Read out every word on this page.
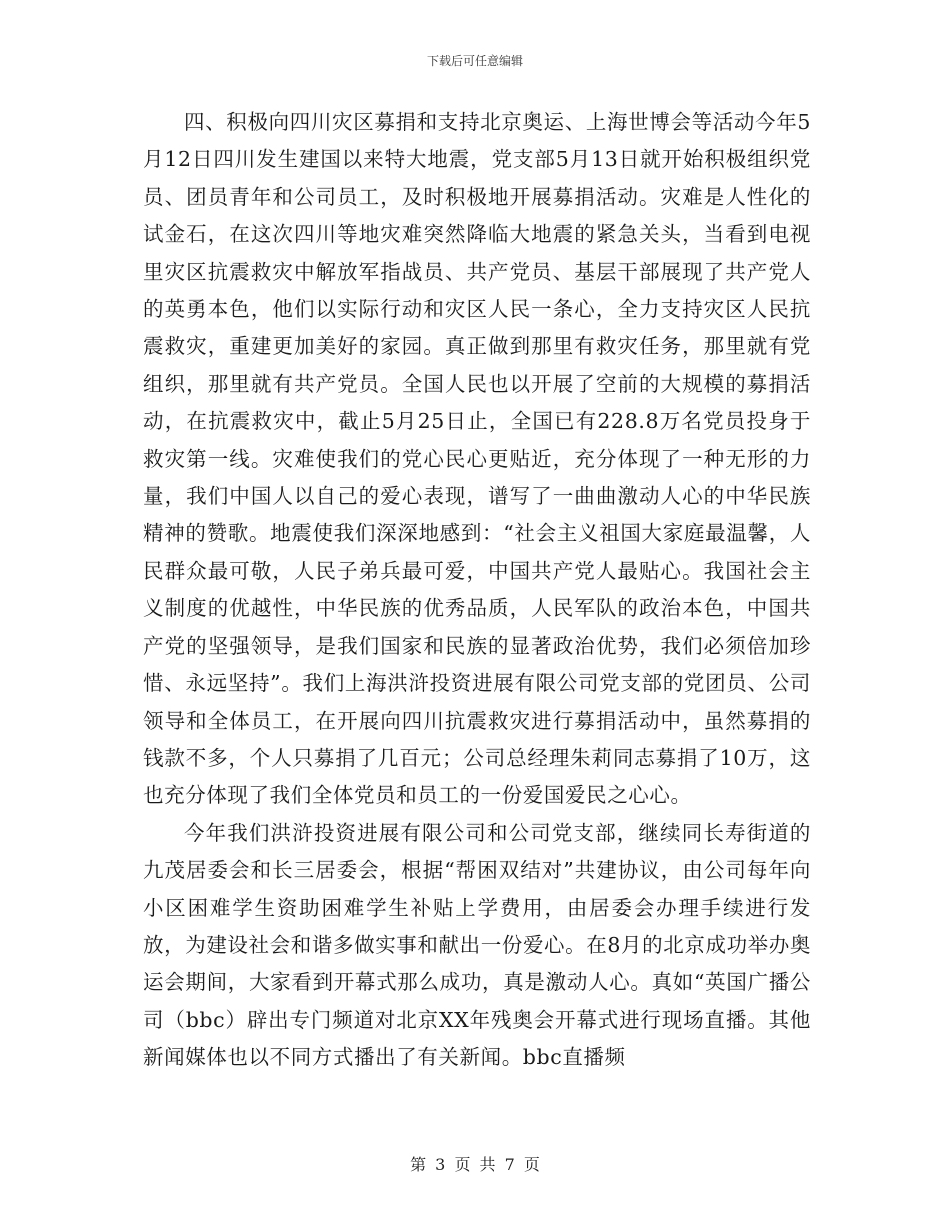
下载后可任意编辑

四、积极向四川灾区募捐和支持北京奥运、上海世博会等活动今年5月12日四川发生建国以来特大地震，党支部5月13日就开始积极组织党员、团员青年和公司员工，及时积极地开展募捐活动。灾难是人性化的试金石，在这次四川等地灾难突然降临大地震的紧急关头，当看到电视里灾区抗震救灾中解放军指战员、共产党员、基层干部展现了共产党人的英勇本色，他们以实际行动和灾区人民一条心，全力支持灾区人民抗震救灾，重建更加美好的家园。真正做到那里有救灾任务，那里就有党组织，那里就有共产党员。全国人民也以开展了空前的大规模的募捐活动，在抗震救灾中，截止5月25日止，全国已有228.8万名党员投身于救灾第一线。灾难使我们的党心民心更贴近，充分体现了一种无形的力量，我们中国人以自己的爱心表现，谱写了一曲曲激动人心的中华民族精神的赞歌。地震使我们深深地感到：“社会主义祖国大家庭最温馨，人民群众最可敬，人民子弟兵最可爱，中国共产党人最贴心。我国社会主义制度的优越性，中华民族的优秀品质，人民军队的政治本色，中国共产党的坚强领导，是我们国家和民族的显著政治优势，我们必须倍加珍惜、永远坚持”。我们上海洪浒投资进展有限公司党支部的党团员、公司领导和全体员工，在开展向四川抗震救灾进行募捐活动中，虽然募捐的钱款不多，个人只募捐了几百元；公司总经理朱莉同志募捐了10万，这也充分体现了我们全体党员和员工的一份爱国爱民之心心。

今年我们洪浒投资进展有限公司和公司党支部，继续同长寿街道的九茂居委会和长三居委会，根据“帮困双结对”共建协议，由公司每年向小区困难学生资助困难学生补贴上学费用，由居委会办理手续进行发放，为建设社会和谐多做实事和献出一份爱心。在8月的北京成功举办奥运会期间，大家看到开幕式那么成功，真是激动人心。真如“英国广播公司（bbc）辟出专门频道对北京XX年残奥会开幕式进行现场直播。其他新闻媒体也以不同方式播出了有关新闻。bbc直播频

第 3 页 共 7 页
